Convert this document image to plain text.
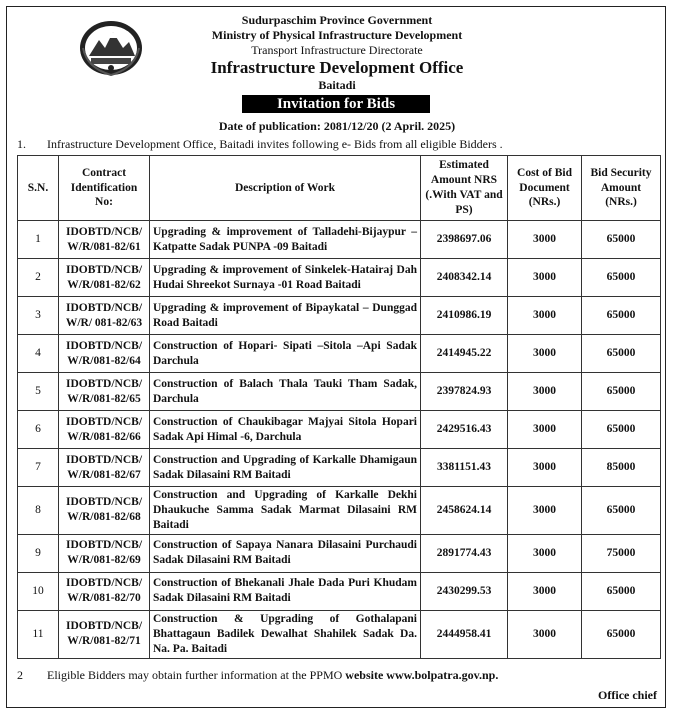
Sudurpaschim Province Government
Ministry of Physical Infrastructure Development
Transport Infrastructure Directorate
Infrastructure Development Office
Baitadi
Invitation for Bids
Date of publication: 2081/12/20 (2 April. 2025)
1. Infrastructure Development Office, Baitadi invites following e- Bids from all eligible Bidders .
S.N.	Contract Identification No:	Description of Work	Estimated Amount NRS (.With VAT and PS)	Cost of Bid Document (NRs.)	Bid Security Amount (NRs.)
1	IDOBTD/NCB/ W/R/081-82/61	Upgrading & improvement of Talladehi-Bijaypur – Katpatte Sadak PUNPA -09 Baitadi	2398697.06	3000	65000
2	IDOBTD/NCB/ W/R/081-82/62	Upgrading & improvement of Sinkelek-Hatairaj Dah Hudai Shreekot Surnaya -01 Road Baitadi	2408342.14	3000	65000
3	IDOBTD/NCB/ W/R/ 081-82/63	Upgrading & improvement of Bipaykatal – Dunggad Road Baitadi	2410986.19	3000	65000
4	IDOBTD/NCB/ W/R/081-82/64	Construction of Hopari- Sipati –Sitola –Api Sadak Darchula	2414945.22	3000	65000
5	IDOBTD/NCB/ W/R/081-82/65	Construction of Balach Thala Tauki Tham Sadak, Darchula	2397824.93	3000	65000
6	IDOBTD/NCB/ W/R/081-82/66	Construction of Chaukibagar Majyai Sitola Hopari Sadak Api Himal -6, Darchula	2429516.43	3000	65000
7	IDOBTD/NCB/ W/R/081-82/67	Construction and Upgrading of Karkalle Dhamigaun Sadak Dilasaini RM Baitadi	3381151.43	3000	85000
8	IDOBTD/NCB/ W/R/081-82/68	Construction and Upgrading of Karkalle Dekhi Dhaukuche Samma Sadak Marmat Dilasaini RM Baitadi	2458624.14	3000	65000
9	IDOBTD/NCB/ W/R/081-82/69	Construction of Sapaya Nanara Dilasaini Purchaudi Sadak Dilasaini RM Baitadi	2891774.43	3000	75000
10	IDOBTD/NCB/ W/R/081-82/70	Construction of Bhekanali Jhale Dada Puri Khudam Sadak Dilasaini RM Baitadi	2430299.53	3000	65000
11	IDOBTD/NCB/ W/R/081-82/71	Construction & Upgrading of Gothalapani Bhattagaun Badilek Dewalhat Shahilek Sadak Da. Na. Pa. Baitadi	2444958.41	3000	65000
2 Eligible Bidders may obtain further information at the PPMO website www.bolpatra.gov.np.
Office chief
